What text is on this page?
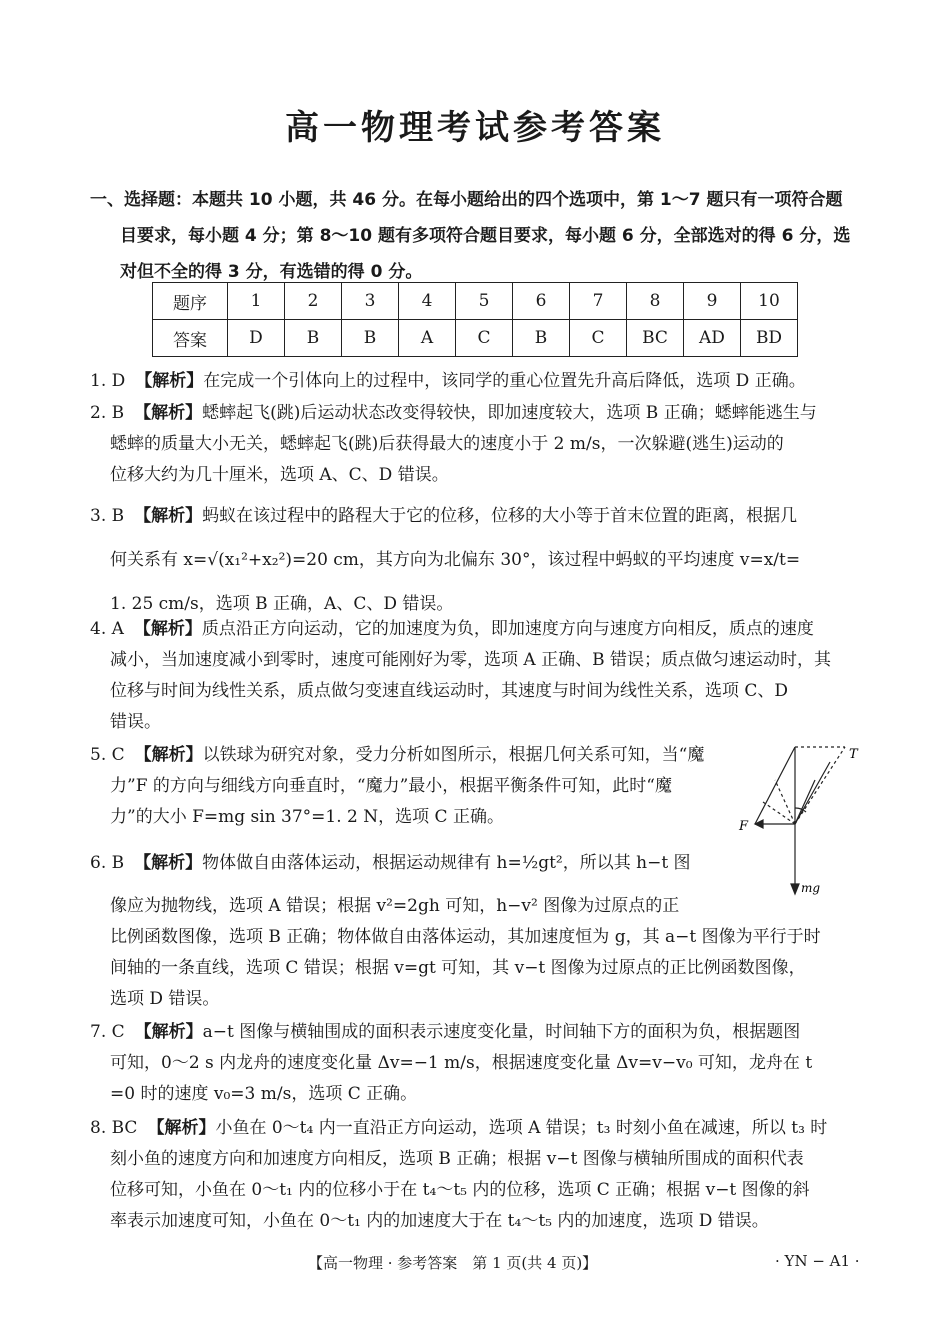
高一物理考试参考答案
一、选择题：本题共 10 小题，共 46 分。在每小题给出的四个选项中，第 1～7 题只有一项符合题
目要求，每小题 4 分；第 8～10 题有多项符合题目要求，每小题 6 分，全部选对的得 6 分，选
对但不全的得 3 分，有选错的得 0 分。
题序	1	2	3	4	5	6	7	8	9	10
答案	D	B	B	A	C	B	C	BC	AD	BD
1. D 【解析】在完成一个引体向上的过程中，该同学的重心位置先升高后降低，选项 D 正确。
2. B 【解析】蟋蟀起飞(跳)后运动状态改变得较快，即加速度较大，选项 B 正确；蟋蟀能逃生与
蟋蟀的质量大小无关，蟋蟀起飞(跳)后获得最大的速度小于 2 m/s，一次躲避(逃生)运动的
位移大约为几十厘米，选项 A、C、D 错误。
3. B 【解析】蚂蚁在该过程中的路程大于它的位移，位移的大小等于首末位置的距离，根据几
何关系有 x=√(x₁²+x₂²)=20 cm，其方向为北偏东 30°，该过程中蚂蚁的平均速度 v=x/t=
1. 25 cm/s，选项 B 正确，A、C、D 错误。
4. A 【解析】质点沿正方向运动，它的加速度为负，即加速度方向与速度方向相反，质点的速度
减小，当加速度减小到零时，速度可能刚好为零，选项 A 正确、B 错误；质点做匀速运动时，其
位移与时间为线性关系，质点做匀变速直线运动时，其速度与时间为线性关系，选项 C、D
错误。
5. C 【解析】以铁球为研究对象，受力分析如图所示，根据几何关系可知，当“魔
力”F 的方向与细线方向垂直时，“魔力”最小，根据平衡条件可知，此时“魔
力”的大小 F=mg sin 37°=1. 2 N，选项 C 正确。
6. B 【解析】物体做自由落体运动，根据运动规律有 h=½gt²，所以其 h−t 图
像应为抛物线，选项 A 错误；根据 v²=2gh 可知，h−v² 图像为过原点的正
比例函数图像，选项 B 正确；物体做自由落体运动，其加速度恒为 g，其 a−t 图像为平行于时
间轴的一条直线，选项 C 错误；根据 v=gt 可知，其 v−t 图像为过原点的正比例函数图像，
选项 D 错误。
7. C 【解析】a−t 图像与横轴围成的面积表示速度变化量，时间轴下方的面积为负，根据题图
可知，0～2 s 内龙舟的速度变化量 Δv=−1 m/s，根据速度变化量 Δv=v−v₀ 可知，龙舟在 t
=0 时的速度 v₀=3 m/s，选项 C 正确。
8. BC 【解析】小鱼在 0～t₄ 内一直沿正方向运动，选项 A 错误；t₃ 时刻小鱼在减速，所以 t₃ 时
刻小鱼的速度方向和加速度方向相反，选项 B 正确；根据 v−t 图像与横轴所围成的面积代表
位移可知，小鱼在 0～t₁ 内的位移小于在 t₄～t₅ 内的位移，选项 C 正确；根据 v−t 图像的斜
率表示加速度可知，小鱼在 0～t₁ 内的加速度大于在 t₄～t₅ 内的加速度，选项 D 错误。
T
F
mg
【高一物理 · 参考答案　第 1 页(共 4 页)】	· YN − A1 ·
